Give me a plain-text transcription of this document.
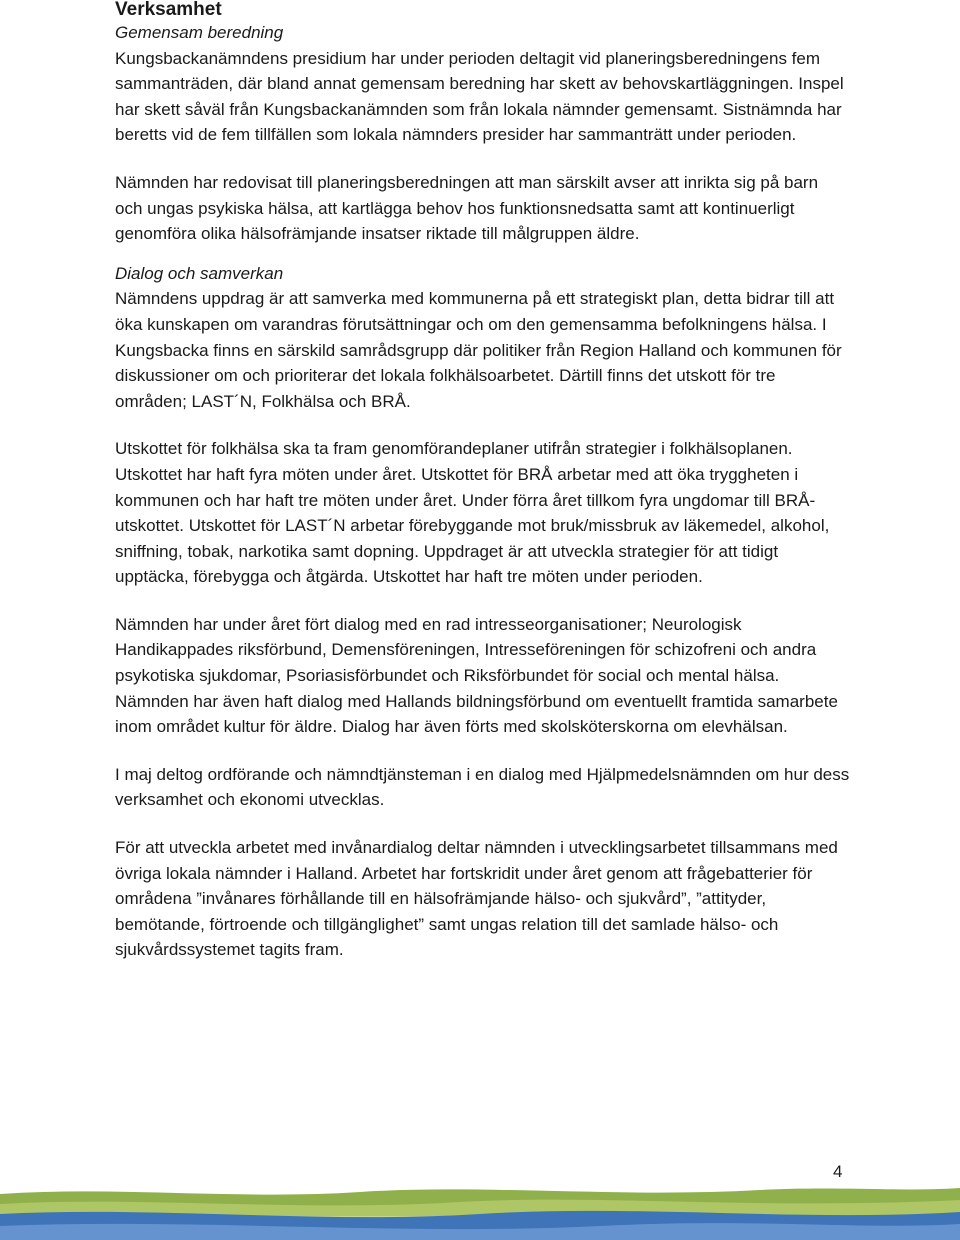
Verksamhet
Gemensam beredning

Kungsbackanämndens presidium har under perioden deltagit vid planeringsberedningens fem sammanträden, där bland annat gemensam beredning har skett av behovskartläggningen. Inspel har skett såväl från Kungsbackanämnden som från lokala nämnder gemensamt. Sistnämnda har beretts vid de fem tillfällen som lokala nämnders presider har sammanträtt under perioden.

Nämnden har redovisat till planeringsberedningen att man särskilt avser att inrikta sig på barn och ungas psykiska hälsa, att kartlägga behov hos funktionsnedsatta samt att kontinuerligt genomföra olika hälsofrämjande insatser riktade till målgruppen äldre.

Dialog och samverkan

Nämndens uppdrag är att samverka med kommunerna på ett strategiskt plan, detta bidrar till att öka kunskapen om varandras förutsättningar och om den gemensamma befolkningens hälsa. I Kungsbacka finns en särskild samrådsgrupp där politiker från Region Halland och kommunen för diskussioner om och prioriterar det lokala folkhälsoarbetet. Därtill finns det utskott för tre områden; LAST´N, Folkhälsa och BRÅ.

Utskottet för folkhälsa ska ta fram genomförandeplaner utifrån strategier i folkhälsoplanen. Utskottet har haft fyra möten under året. Utskottet för BRÅ arbetar med att öka tryggheten i kommunen och har haft tre möten under året. Under förra året tillkom fyra ungdomar till BRÅ-utskottet. Utskottet för LAST´N arbetar förebyggande mot bruk/missbruk av läkemedel, alkohol, sniffning, tobak, narkotika samt dopning. Uppdraget är att utveckla strategier för att tidigt upptäcka, förebygga och åtgärda. Utskottet har haft tre möten under perioden.

Nämnden har under året fört dialog med en rad intresseorganisationer; Neurologisk Handikappades riksförbund, Demensföreningen, Intresseföreningen för schizofreni och andra psykotiska sjukdomar, Psoriasisförbundet och Riksförbundet för social och mental hälsa. Nämnden har även haft dialog med Hallands bildningsförbund om eventuellt framtida samarbete inom området kultur för äldre. Dialog har även förts med skolsköterskorna om elevhälsan.

I maj deltog ordförande och nämndtjänsteman i en dialog med Hjälpmedelsnämnden om hur dess verksamhet och ekonomi utvecklas.

För att utveckla arbetet med invånardialog deltar nämnden i utvecklingsarbetet tillsammans med övriga lokala nämnder i Halland. Arbetet har fortskridit under året genom att frågebatterier för områdena ”invånares förhållande till en hälsofrämjande hälso- och sjukvård”, ”attityder, bemötande, förtroende och tillgänglighet” samt ungas relation till det samlade hälso- och sjukvårdssystemet tagits fram.

4
